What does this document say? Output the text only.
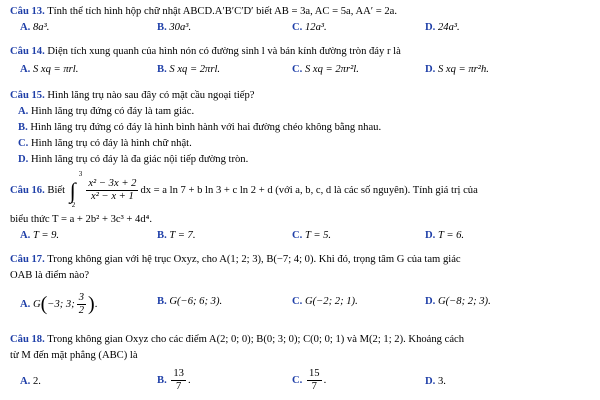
Câu 13. Tính thể tích hình hộp chữ nhật ABCD.A′B′C′D′ biết AB = 3a, AC = 5a, AA′ = 2a.
A. 8a³.	B. 30a³.	C. 12a³.	D. 24a³.
Câu 14. Diện tích xung quanh của hình nón có đường sinh l và bán kính đường tròn đáy r là
A. S xq = πrl.	B. S xq = 2πrl.	C. S xq = 2πr²l.	D. S xq = πr²h.
Câu 15. Hình lăng trụ nào sau đây có mặt cầu ngoại tiếp?
A. Hình lăng trụ đứng có đáy là tam giác.
B. Hình lăng trụ đứng có đáy là hình bình hành với hai đường chéo không bằng nhau.
C. Hình lăng trụ có đáy là hình chữ nhật.
D. Hình lăng trụ có đáy là đa giác nội tiếp đường tròn.
Câu 16. Biết ∫
3
2

$\frac{\text{x² − 3x + 2}}{\text{x² − x + 1}}$ dx = a ln 7 + b ln 3 + c ln 2 + d (với a, b, c, d là các số nguyên). Tính giá trị của
biểu thức T = a + 2b² + 3c³ + 4d⁴.
A. T = 9.	B. T = 7.	C. T = 5.	D. T = 6.
Câu 17. Trong không gian với hệ trục Oxyz, cho A(1; 2; 3), B(−7; 4; 0). Khi đó, trọng tâm G của tam giác
OAB là điểm nào?
A. G(−3; 3; $\frac{3}{2}$ ).	B. G(−6; 6; 3).	C. G(−2; 2; 1).	D. G(−8; 2; 3).
Câu 18. Trong không gian Oxyz cho các điểm A(2; 0; 0); B(0; 3; 0); C(0; 0; 1) và M(2; 1; 2). Khoảng cách
từ M đến mặt phẳng (ABC) là
A. 2.	B. $\frac{13}{7}$ .	C. $\frac{15}{7}$ .	D. 3.
